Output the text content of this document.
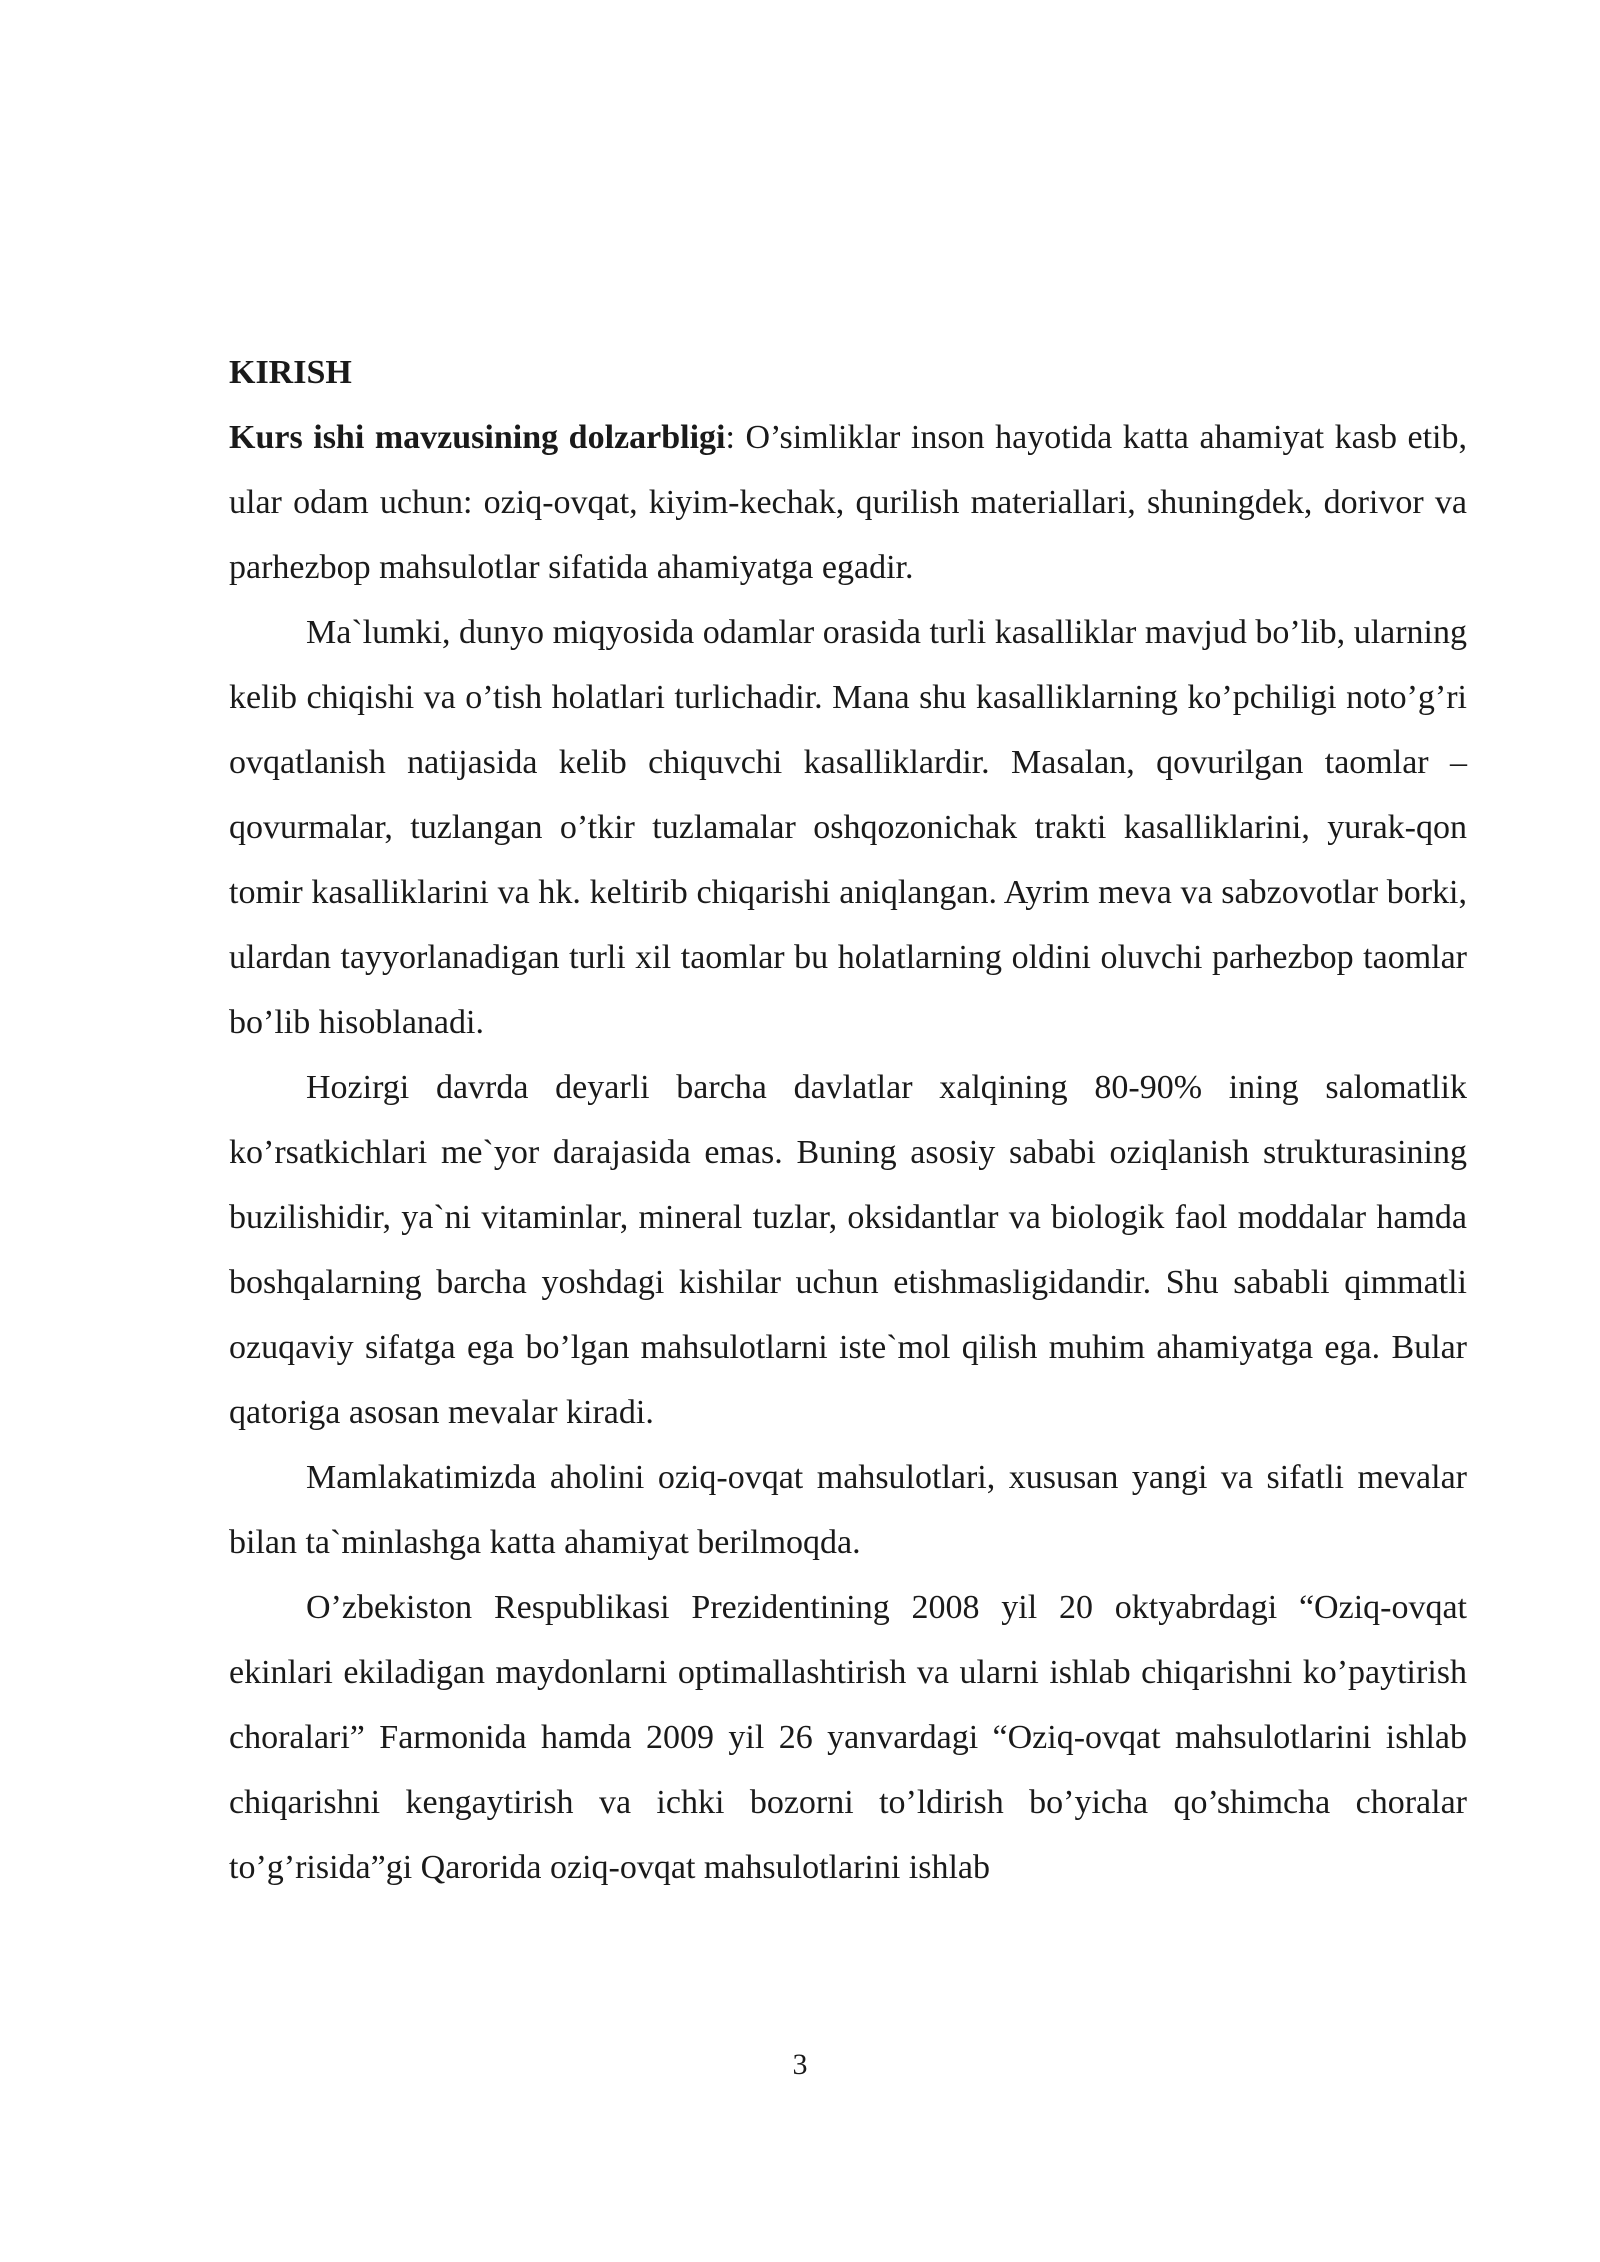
KIRISH

Kurs ishi mavzusining dolzarbligi: O’simliklar inson hayotida katta ahamiyat kasb etib, ular odam uchun: oziq-ovqat, kiyim-kechak, qurilish materiallari, shuningdek, dorivor va parhezbop mahsulotlar sifatida ahamiyatga egadir.

Ma`lumki, dunyo miqyosida odamlar orasida turli kasalliklar mavjud bo’lib, ularning kelib chiqishi va o’tish holatlari turlichadir. Mana shu kasalliklarning ko’pchiligi noto’g’ri ovqatlanish natijasida kelib chiquvchi kasalliklardir. Masalan, qovurilgan taomlar – qovurmalar, tuzlangan o’tkir tuzlamalar oshqozonichak trakti kasalliklarini, yurak-qon tomir kasalliklarini va hk. keltirib chiqarishi aniqlangan. Ayrim meva va sabzovotlar borki, ulardan tayyorlanadigan turli xil taomlar bu holatlarning oldini oluvchi parhezbop taomlar bo’lib hisoblanadi.

Hozirgi davrda deyarli barcha davlatlar xalqining 80-90% ining salomatlik ko’rsatkichlari me`yor darajasida emas. Buning asosiy sababi oziqlanish strukturasining buzilishidir, ya`ni vitaminlar, mineral tuzlar, oksidantlar va biologik faol moddalar hamda boshqalarning barcha yoshdagi kishilar uchun etishmasligidandir. Shu sababli qimmatli ozuqaviy sifatga ega bo’lgan mahsulotlarni iste`mol qilish muhim ahamiyatga ega. Bular qatoriga asosan mevalar kiradi.

Mamlakatimizda aholini oziq-ovqat mahsulotlari, xususan yangi va sifatli mevalar bilan ta`minlashga katta ahamiyat berilmoqda.

O’zbekiston Respublikasi Prezidentining 2008 yil 20 oktyabrdagi “Oziq-ovqat ekinlari ekiladigan maydonlarni optimallashtirish va ularni ishlab chiqarishni ko’paytirish choralari” Farmonida hamda 2009 yil 26 yanvardagi “Oziq-ovqat mahsulotlarini ishlab chiqarishni kengaytirish va ichki bozorni to’ldirish bo’yicha qo’shimcha choralar to’g’risida”gi Qarorida oziq-ovqat mahsulotlarini ishlab

3
